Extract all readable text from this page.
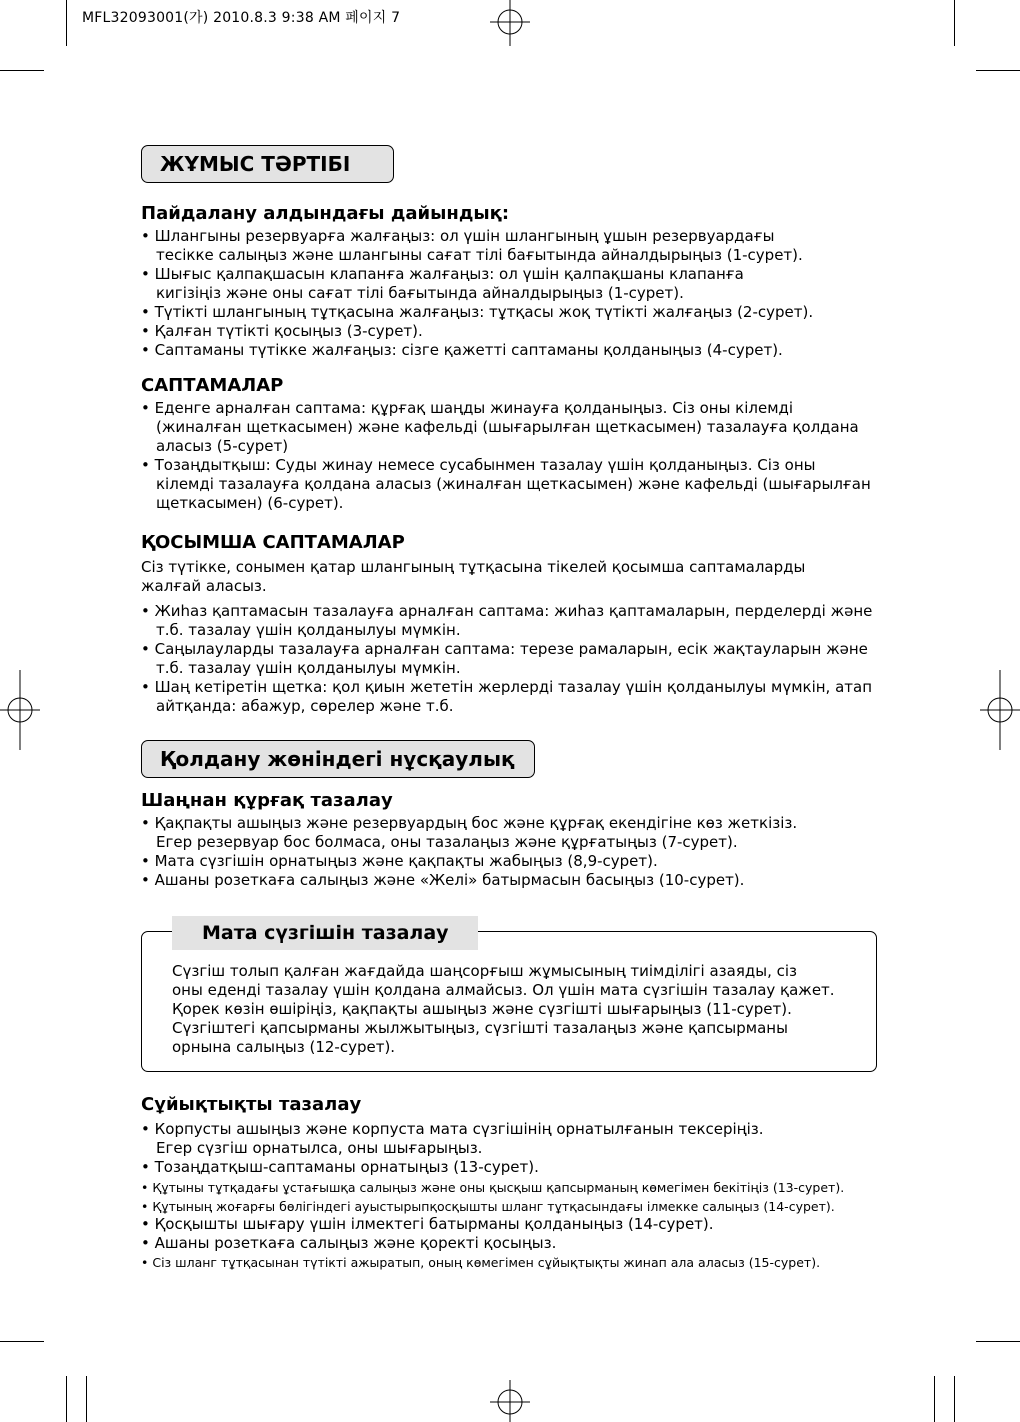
MFL32093001(가) 2010.8.3 9:38 AM 페이지 7
ЖҰМЫС ТӘРТІБІ
Пайдалану алдындағы дайындық:
• Шлангыны резервуарға жалғаңыз: ол үшін шлангының ұшын резервуардағы
тесікке салыңыз және шлангыны сағат тілі бағытында айналдырыңыз (1-сурет).
• Шығыс қалпақшасын клапанға жалғаңыз: ол үшін қалпақшаны клапанға
кигізіңіз және оны сағат тілі бағытында айналдырыңыз (1-сурет).
• Түтікті шлангының тұтқасына жалғаңыз: тұтқасы жоқ түтікті жалғаңыз (2-сурет).
• Қалған түтікті қосыңыз (3-сурет).
• Саптаманы түтікке жалғаңыз: сізге қажетті саптаманы қолданыңыз (4-сурет).
САПТАМАЛАР
• Еденге арналған саптама: құрғақ шаңды жинауға қолданыңыз. Сіз оны кілемді
(жиналған щеткасымен) және кафельді (шығарылған щеткасымен) тазалауға қолдана
аласыз (5-сурет)
• Тозаңдытқыш: Суды жинау немесе сусабынмен тазалау үшін қолданыңыз. Сіз оны
кілемді тазалауға қолдана аласыз (жиналған щеткасымен) және кафельді (шығарылған
щеткасымен) (6-сурет).
ҚОСЫМША САПТАМАЛАР
Сіз түтікке, сонымен қатар шлангының тұтқасына тікелей қосымша саптамаларды
жалғай аласыз.
• Жиһаз қаптамасын тазалауға арналған саптама: жиһаз қаптамаларын, перделерді және
т.б. тазалау үшін қолданылуы мүмкін.
• Саңылауларды тазалауға арналған саптама: терезе рамаларын, есік жақтауларын және
т.б. тазалау үшін қолданылуы мүмкін.
• Шаң кетіретін щетка: қол қиын жететін жерлерді тазалау үшін қолданылуы мүмкін, атап
айтқанда: абажур, сөрелер және т.б.
Қолдану жөніндегі нұсқаулық
Шаңнан құрғақ тазалау
• Қақпақты ашыңыз және резервуардың бос және құрғақ екендігіне көз жеткізіз.
Егер резервуар бос болмаса, оны тазалаңыз және құрғатыңыз (7-сурет).
• Мата сүзгішін орнатыңыз және қақпақты жабыңыз (8,9-сурет).
• Ашаны розеткаға салыңыз және «Желі» батырмасын басыңыз (10-сурет).
Мата сүзгішін тазалау
Сүзгіш толып қалған жағдайда шаңсорғыш жұмысының тиімділігі азаяды, сіз
оны еденді тазалау үшін қолдана алмайсыз. Ол үшін мата сүзгішін тазалау қажет.
Қорек көзін өшіріңіз, қақпақты ашыңыз және сүзгішті шығарыңыз (11-сурет).
Сүзгіштегі қапсырманы жылжытыңыз, сүзгішті тазалаңыз және қапсырманы
орнына салыңыз (12-сурет).
Сұйықтықты тазалау
• Корпусты ашыңыз және корпуста мата сүзгішінің орнатылғанын тексеріңіз.
Егер сүзгіш орнатылса, оны шығарыңыз.
• Тозаңдатқыш-саптаманы орнатыңыз (13-сурет).
• Құтыны тұтқадағы ұстағышқа салыңыз және оны қысқыш қапсырманың көмегімен бекітіңіз (13-сурет).
• Құтының жоғарғы бөлігіндегі ауыстырыпқосқышты шланг тұтқасындағы ілмекке салыңыз (14-сурет).
• Қосқышты шығару үшін ілмектегі батырманы қолданыңыз (14-сурет).
• Ашаны розеткаға салыңыз және қоректі қосыңыз.
• Сіз шланг тұтқасынан түтікті ажыратып, оның көмегімен сұйықтықты жинап ала аласыз (15-сурет).
